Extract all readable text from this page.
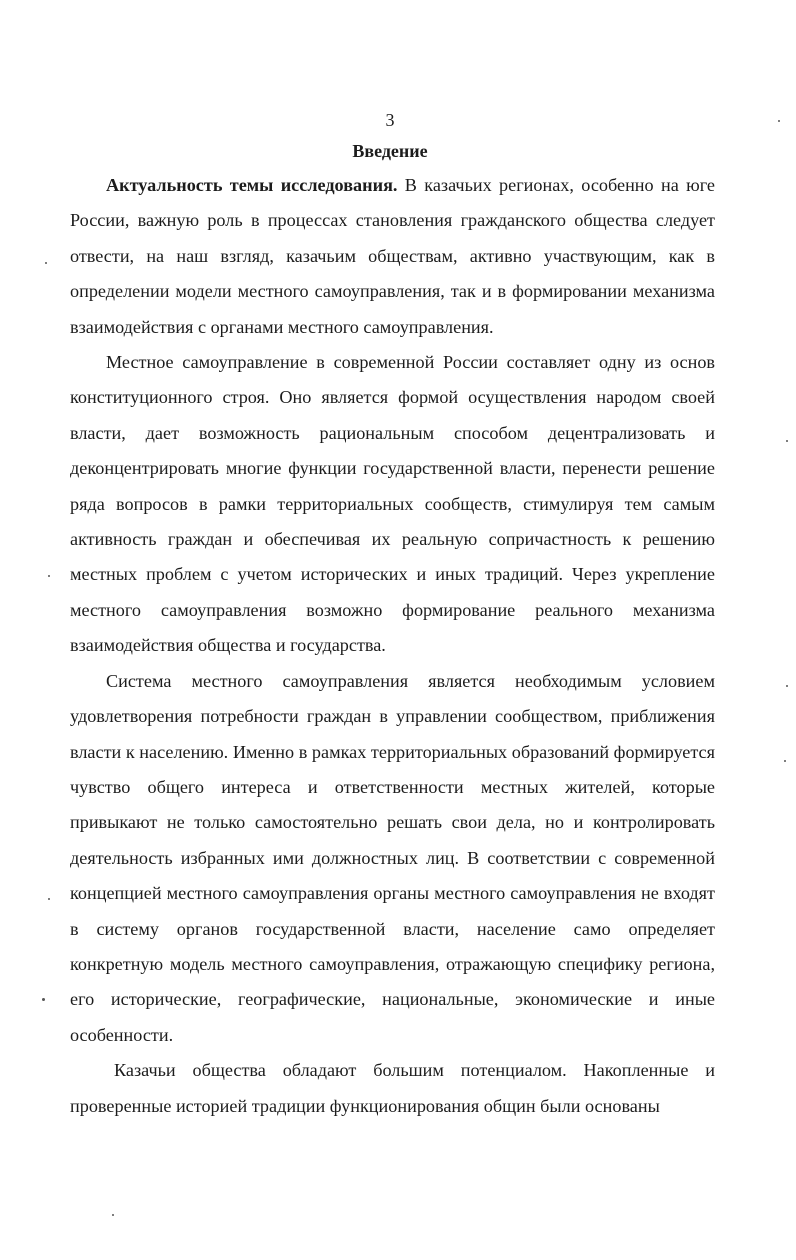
3
Введение

Актуальность темы исследования. В казачьих регионах, особенно на юге России, важную роль в процессах становления гражданского общества следует отвести, на наш взгляд, казачьим обществам, активно участвующим, как в определении модели местного самоуправления, так и в формировании механизма взаимодействия с органами местного самоуправления.

Местное самоуправление в современной России составляет одну из основ конституционного строя. Оно является формой осуществления народом своей власти, дает возможность рациональным способом децентрализовать и деконцентрировать многие функции государственной власти, перенести решение ряда вопросов в рамки территориальных сообществ, стимулируя тем самым активность граждан и обеспечивая их реальную сопричастность к решению местных проблем с учетом исторических и иных традиций. Через укрепление местного самоуправления возможно формирование реального механизма взаимодействия общества и государства.

Система местного самоуправления является необходимым условием удовлетворения потребности граждан в управлении сообществом, приближения власти к населению. Именно в рамках территориальных образований формируется чувство общего интереса и ответственности местных жителей, которые привыкают не только самостоятельно решать свои дела, но и контролировать деятельность избранных ими должностных лиц. В соответствии с современной концепцией местного самоуправления органы местного самоуправления не входят в систему органов государственной власти, население само определяет конкретную модель местного самоуправления, отражающую специфику региона, его исторические, географические, национальные, экономические и иные особенности.

Казачьи общества обладают большим потенциалом. Накопленные и проверенные историей традиции функционирования общин были основаны
